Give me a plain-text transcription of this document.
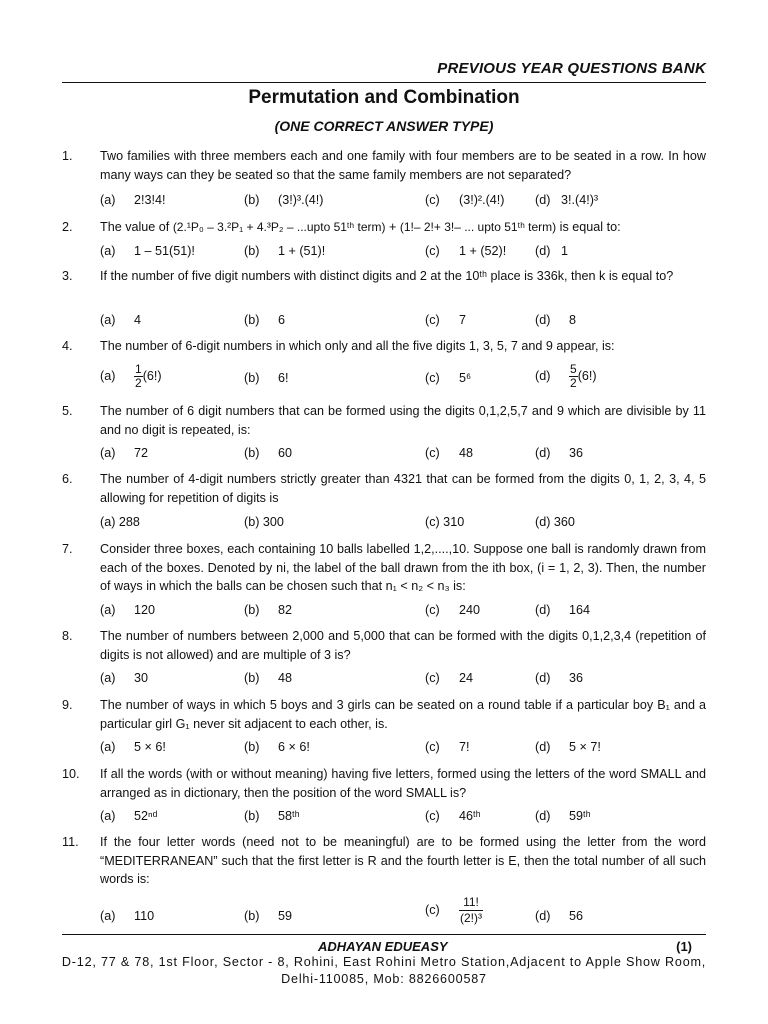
PREVIOUS YEAR QUESTIONS BANK
Permutation and Combination
(ONE CORRECT ANSWER TYPE)
1. Two families with three members each and one family with four members are to be seated in a row. In how many ways can they be seated so that the same family members are not separated?
(a) 2!3!4!	(b) (3!)³.(4!)	(c) (3!)².(4!) (d) 3!.(4!)³
2. The value of (2.¹P₀ – 3.²P₁ + 4.³P₂ – ...upto 51ᵗʰ term) + (1!– 2!+ 3!– ... upto 51ᵗʰ term) is equal to:
(a) 1 – 51(51)!	(b) 1 + (51)!	(c) 1 + (52)! (d) 1
3. If the number of five digit numbers with distinct digits and 2 at the 10ᵗʰ place is 336k, then k is equal to?
(a) 4	(b) 6	(c) 7	(d) 8
4. The number of 6-digit numbers in which only and all the five digits 1, 3, 5, 7 and 9 appear, is:
$(a) \frac{1}{2} (6!)$	(b) 6!	(c) 5⁶	$(d) \frac{5}{2} (6!)$
5. The number of 6 digit numbers that can be formed using the digits 0,1,2,5,7 and 9 which are divisible by 11 and no digit is repeated, is:
(a) 72	(b) 60	(c) 48	(d) 36
6. The number of 4-digit numbers strictly greater than 4321 that can be formed from the digits 0, 1, 2, 3, 4, 5 allowing for repetition of digits is
(a) 288	(b) 300	(c) 310	(d) 360
7. Consider three boxes, each containing 10 balls labelled 1,2,....,10. Suppose one ball is randomly drawn from each of the boxes. Denoted by ni, the label of the ball drawn from the ith box, (i = 1, 2, 3). Then, the number of ways in which the balls can be chosen such that n₁ < n₂ < n₃ is:
(a) 120	(b) 82	(c) 240	(d) 164
8. The number of numbers between 2,000 and 5,000 that can be formed with the digits 0,1,2,3,4 (repetition of digits is not allowed) and are multiple of 3 is?
(a) 30	(b) 48	(c) 24	(d) 36
9. The number of ways in which 5 boys and 3 girls can be seated on a round table if a particular boy B₁ and a particular girl G₁ never sit adjacent to each other, is.
(a) 5 × 6!	(b) 6 × 6!	(c) 7!	(d) 5 × 7!
10. If all the words (with or without meaning) having five letters, formed using the letters of the word SMALL and arranged as in dictionary, then the position of the word SMALL is?
(a) 52ⁿᵈ	(b) 58ᵗʰ	(c) 46ᵗʰ	(d) 59ᵗʰ
11. If the four letter words (need not to be meaningful) are to be formed using the letter from the word “MEDITERRANEAN” such that the first letter is R and the fourth letter is E, then the total number of all such words is:
(a) 110	(b) 59	$(c) \frac{11!}{\text{(2!)³}}$	(d) 56
ADHAYAN EDUEASY	(1)
D-12, 77 & 78, 1st Floor, Sector - 8, Rohini, East Rohini Metro Station,Adjacent to Apple Show Room,
Delhi-110085, Mob: 8826600587
